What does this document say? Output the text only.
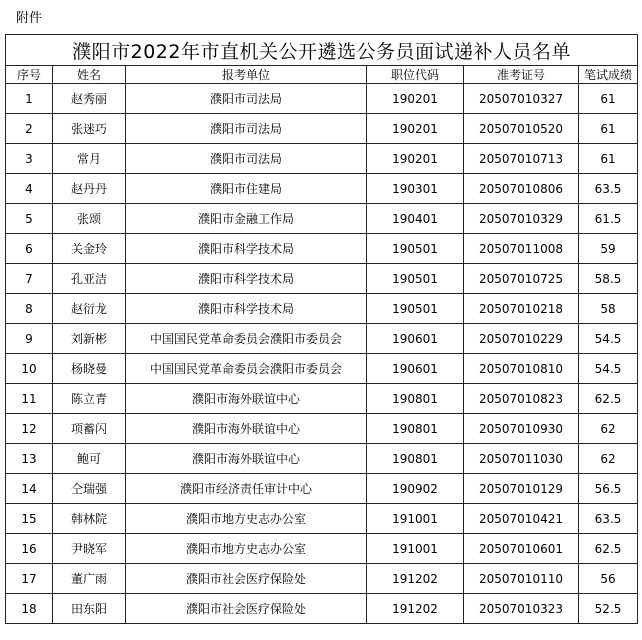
附件
濮阳市2022年市直机关公开遴选公务员面试递补人员名单					
序号	姓名	报考单位	职位代码	准考证号	笔试成绩
1	赵秀丽	濮阳市司法局	190201	20507010327	61
2	张迷巧	濮阳市司法局	190201	20507010520	61
3	常月	濮阳市司法局	190201	20507010713	61
4	赵丹丹	濮阳市住建局	190301	20507010806	63.5
5	张颂	濮阳市金融工作局	190401	20507010329	61.5
6	关金玲	濮阳市科学技术局	190501	20507011008	59
7	孔亚洁	濮阳市科学技术局	190501	20507010725	58.5
8	赵衍龙	濮阳市科学技术局	190501	20507010218	58
9	刘新彬	中国国民党革命委员会濮阳市委员会	190601	20507010229	54.5
10	杨晓曼	中国国民党革命委员会濮阳市委员会	190601	20507010810	54.5
11	陈立青	濮阳市海外联谊中心	190801	20507010823	62.5
12	项蓄闪	濮阳市海外联谊中心	190801	20507010930	62
13	鲍可	濮阳市海外联谊中心	190801	20507011030	62
14	仝瑞强	濮阳市经济责任审计中心	190902	20507010129	56.5
15	韩林院	濮阳市地方史志办公室	191001	20507010421	63.5
16	尹晓军	濮阳市地方史志办公室	191001	20507010601	62.5
17	董广雨	濮阳市社会医疗保险处	191202	20507010110	56
18	田东阳	濮阳市社会医疗保险处	191202	20507010323	52.5
